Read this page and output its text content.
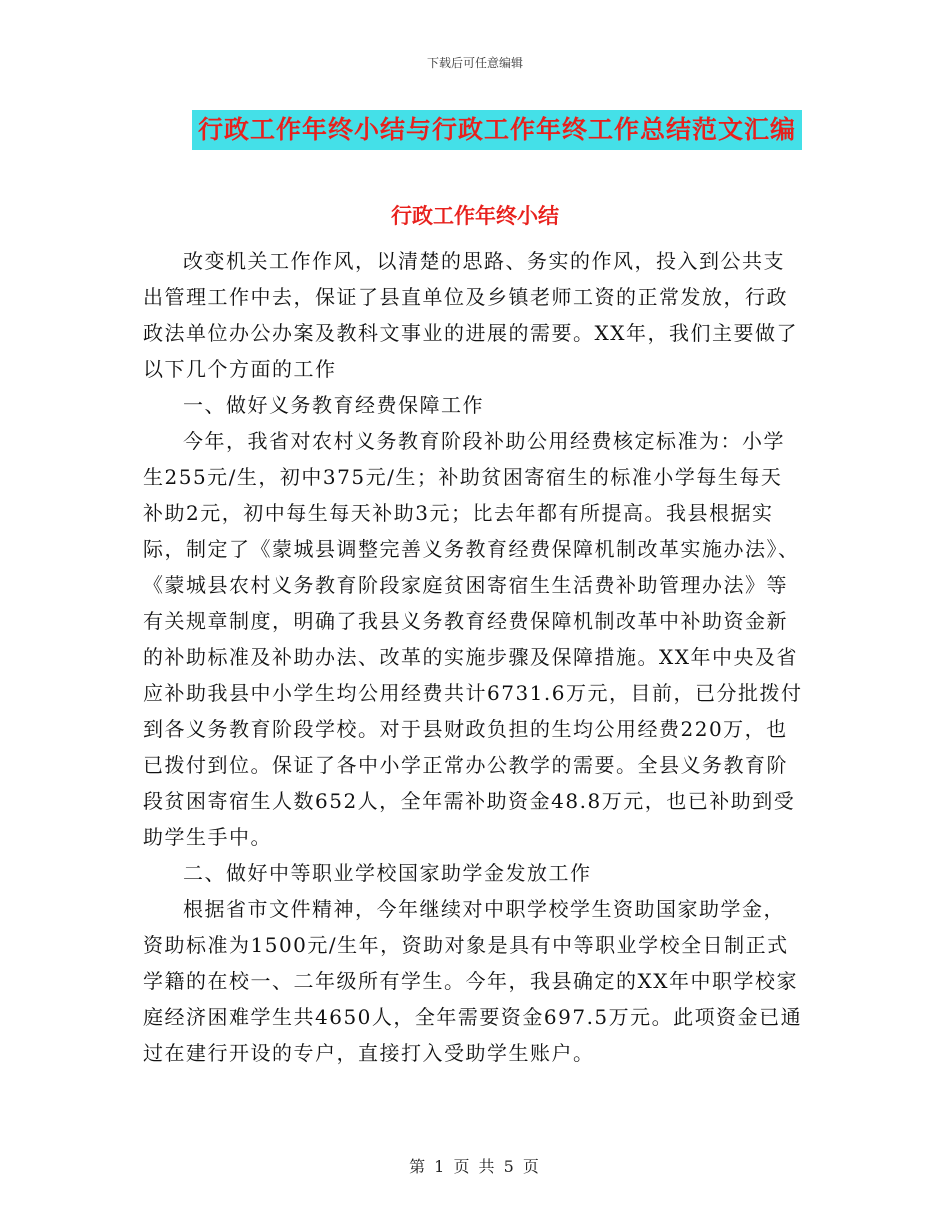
下载后可任意编辑
行政工作年终小结与行政工作年终工作总结范文汇编
行政工作年终小结

改变机关工作作风，以清楚的思路、务实的作风，投入到公共支出管理工作中去，保证了县直单位及乡镇老师工资的正常发放，行政政法单位办公办案及教科文事业的进展的需要。XX年，我们主要做了以下几个方面的工作

一、做好义务教育经费保障工作

今年，我省对农村义务教育阶段补助公用经费核定标准为：小学生255元/生，初中375元/生；补助贫困寄宿生的标准小学每生每天补助2元，初中每生每天补助3元；比去年都有所提高。我县根据实际，制定了《蒙城县调整完善义务教育经费保障机制改革实施办法》、《蒙城县农村义务教育阶段家庭贫困寄宿生生活费补助管理办法》等有关规章制度，明确了我县义务教育经费保障机制改革中补助资金新的补助标准及补助办法、改革的实施步骤及保障措施。XX年中央及省应补助我县中小学生均公用经费共计6731.6万元，目前，已分批拨付到各义务教育阶段学校。对于县财政负担的生均公用经费220万，也已拨付到位。保证了各中小学正常办公教学的需要。全县义务教育阶段贫困寄宿生人数652人，全年需补助资金48.8万元，也已补助到受助学生手中。

二、做好中等职业学校国家助学金发放工作

根据省市文件精神，今年继续对中职学校学生资助国家助学金，资助标准为1500元/生年，资助对象是具有中等职业学校全日制正式学籍的在校一、二年级所有学生。今年，我县确定的XX年中职学校家庭经济困难学生共4650人，全年需要资金697.5万元。此项资金已通过在建行开设的专户，直接打入受助学生账户。

第 1 页 共 5 页
